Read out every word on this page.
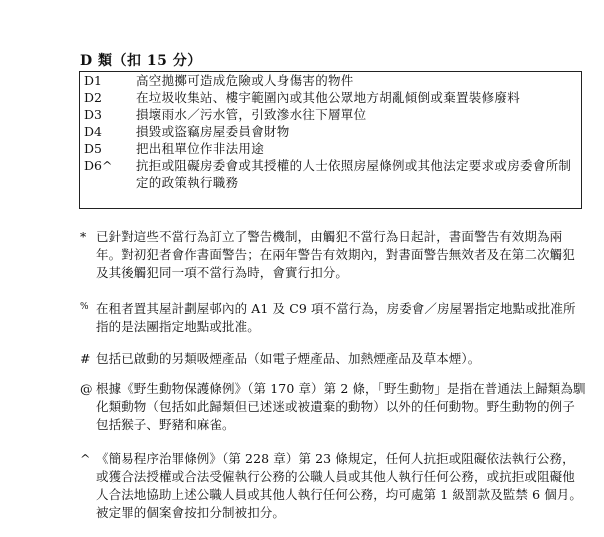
D 類（扣 15 分）
D1	高空拋擲可造成危險或人身傷害的物件
D2	在垃圾收集站、樓宇範圍內或其他公眾地方胡亂傾倒或棄置裝修廢料
D3	損壞雨水／污水管，引致滲水往下層單位
D4	損毀或盜竊房屋委員會財物
D5	把出租單位作非法用途
D6^	抗拒或阻礙房委會或其授權的人士依照房屋條例或其他法定要求或房委會所制定的政策執行職務
* 已針對這些不當行為訂立了警告機制，由觸犯不當行為日起計，書面警告有效期為兩年。對初犯者會作書面警告；在兩年警告有效期內，對書面警告無效者及在第二次觸犯及其後觸犯同一項不當行為時，會實行扣分。
% 在租者置其屋計劃屋邨內的 A1 及 C9 項不當行為，房委會／房屋署指定地點或批准所指的是法團指定地點或批准。
# 包括已啟動的另類吸煙產品（如電子煙產品、加熱煙產品及草本煙）。
@ 根據《野生動物保護條例》（第 170 章）第 2 條，「野生動物」是指在普通法上歸類為馴化類動物（包括如此歸類但已述迷或被遺棄的動物）以外的任何動物。野生動物的例子包括猴子、野豬和麻雀。
^ 《簡易程序治罪條例》（第 228 章）第 23 條規定，任何人抗拒或阻礙依法執行公務，或獲合法授權或合法受僱執行公務的公職人員或其他人執行任何公務，或抗拒或阻礙他人合法地協助上述公職人員或其他人執行任何公務，均可處第 1 級罰款及監禁 6 個月。被定罪的個案會按扣分制被扣分。
